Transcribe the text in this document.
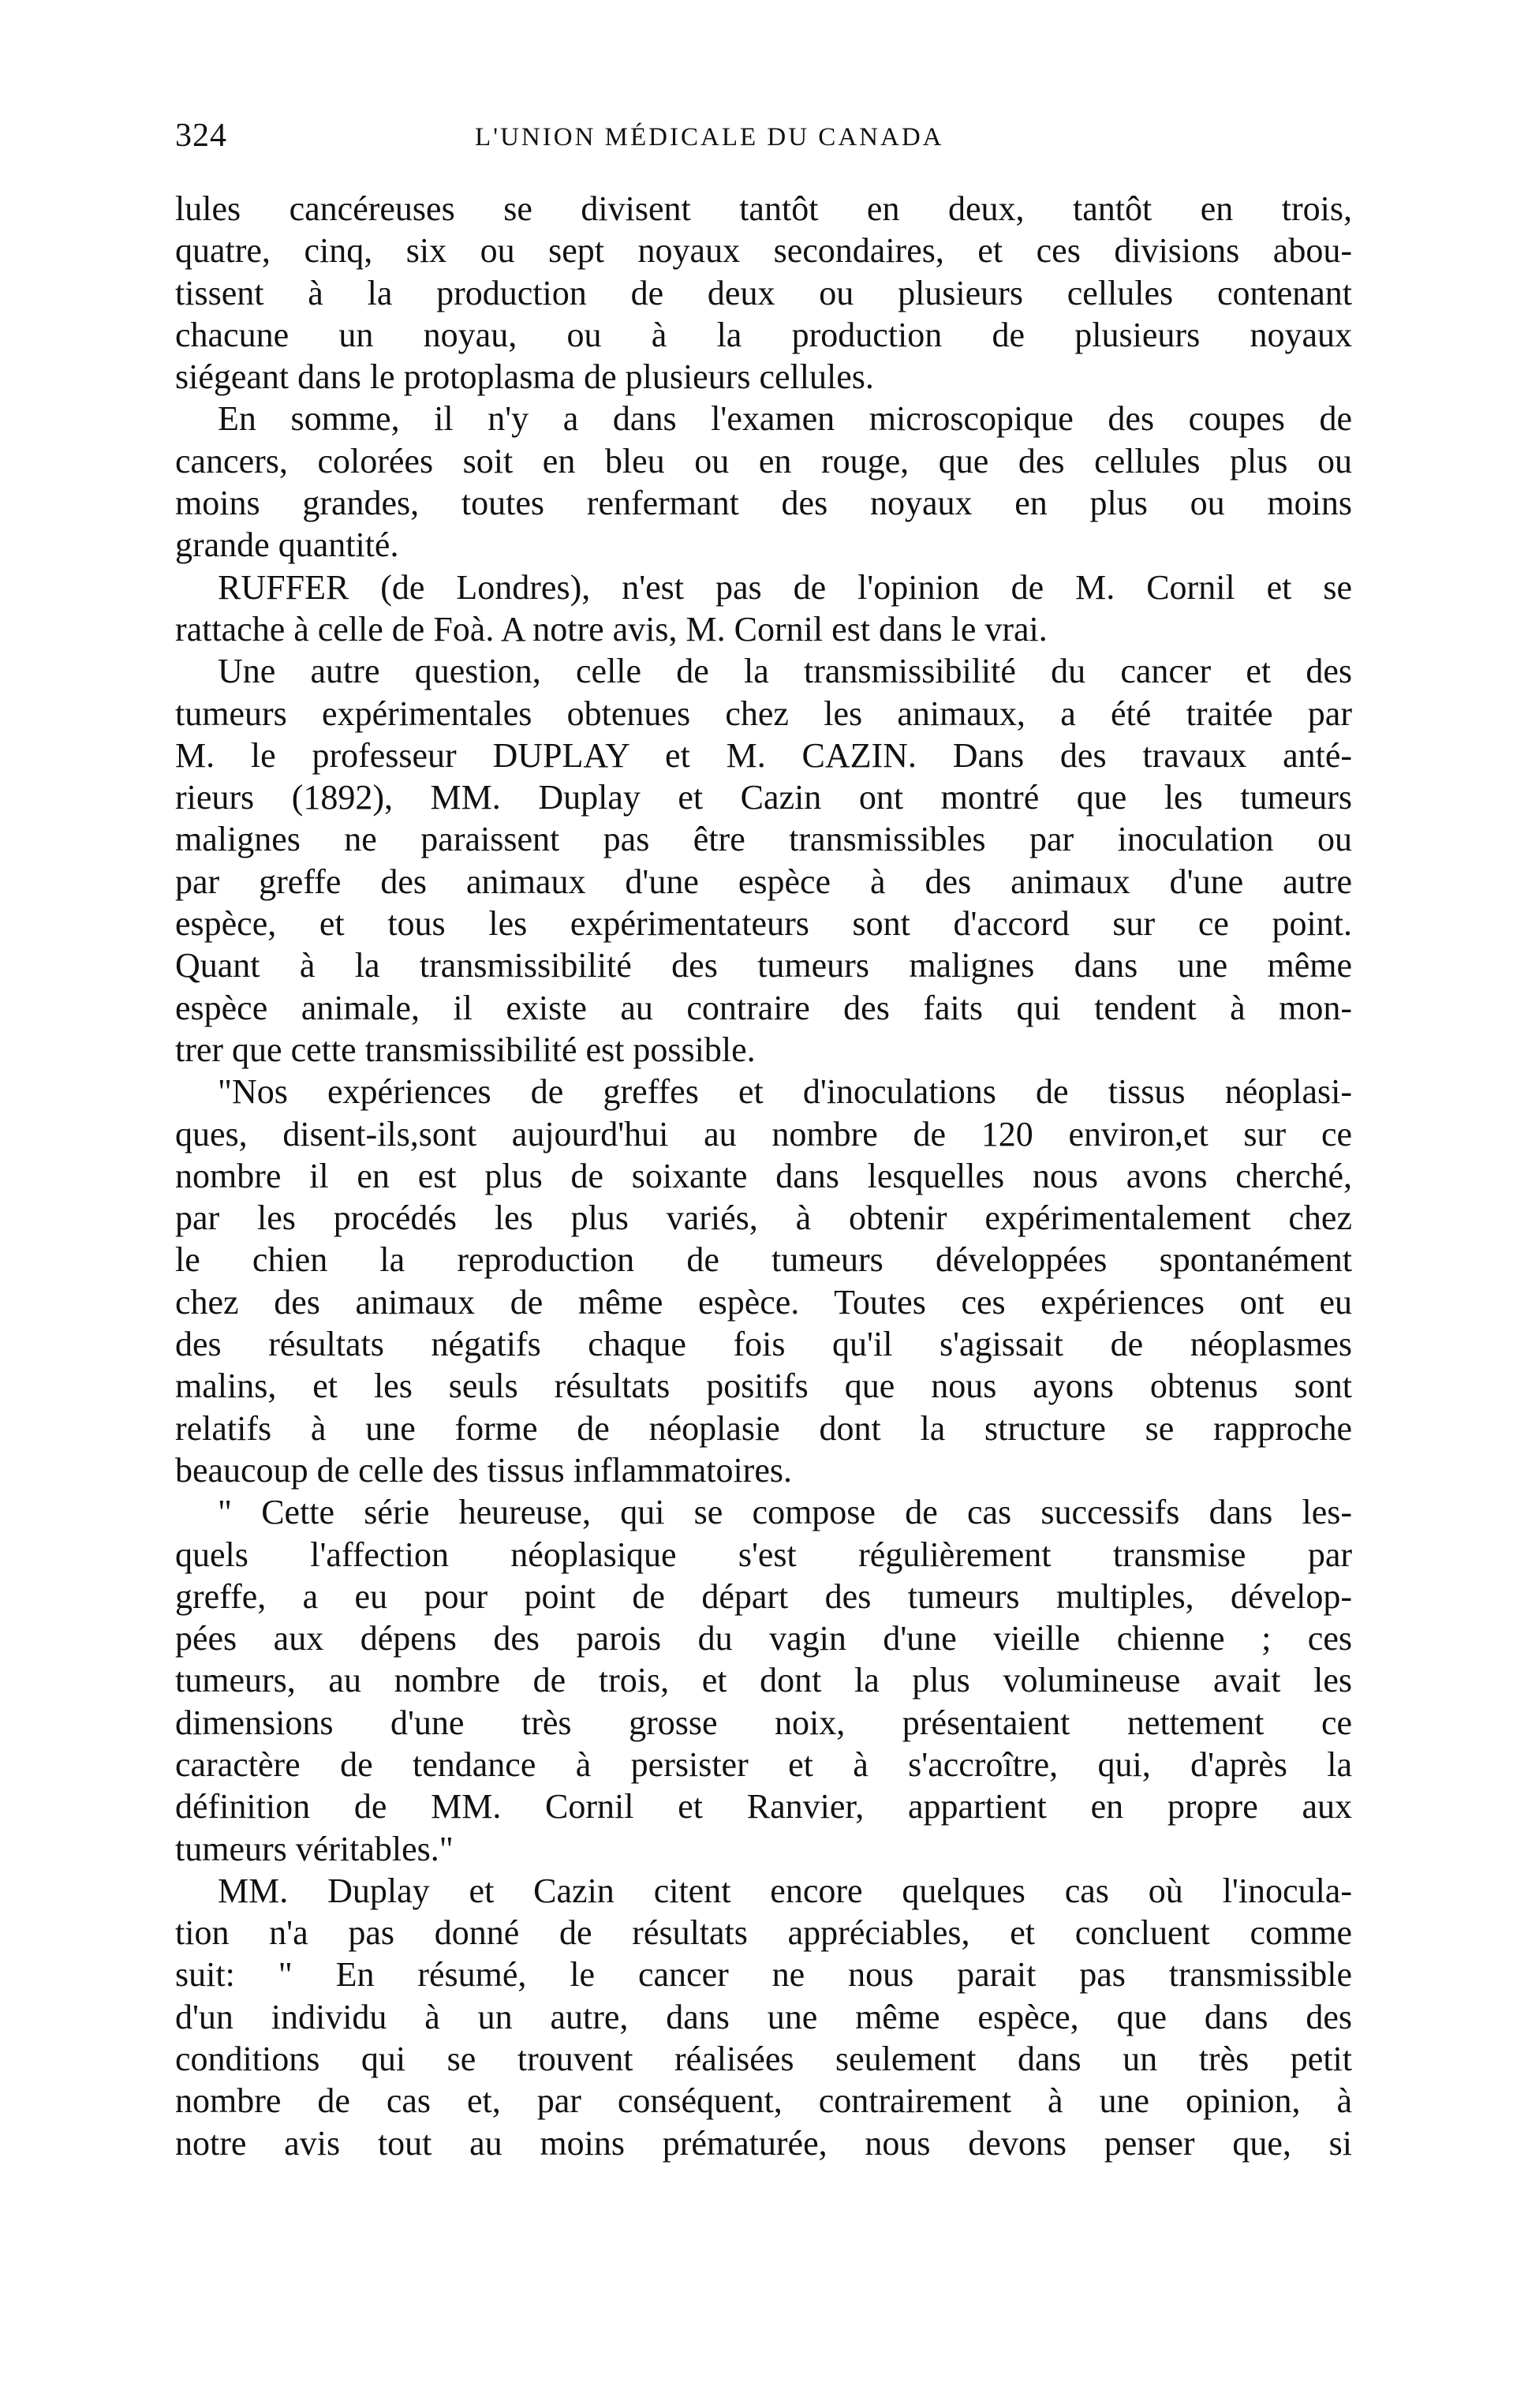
324	L'UNION MÉDICALE DU CANADA
lules cancéreuses se divisent tantôt en deux, tantôt en trois,
quatre, cinq, six ou sept noyaux secondaires, et ces divisions abou-
tissent à la production de deux ou plusieurs cellules contenant
chacune un noyau, ou à la production de plusieurs noyaux
siégeant dans le protoplasma de plusieurs cellules.
En somme, il n'y a dans l'examen microscopique des coupes de
cancers, colorées soit en bleu ou en rouge, que des cellules plus ou
moins grandes, toutes renfermant des noyaux en plus ou moins
grande quantité.
RUFFER (de Londres), n'est pas de l'opinion de M. Cornil et se
rattache à celle de Foà. A notre avis, M. Cornil est dans le vrai.
Une autre question, celle de la transmissibilité du cancer et des
tumeurs expérimentales obtenues chez les animaux, a été traitée par
M. le professeur DUPLAY et M. CAZIN. Dans des travaux anté-
rieurs (1892), MM. Duplay et Cazin ont montré que les tumeurs
malignes ne paraissent pas être transmissibles par inoculation ou
par greffe des animaux d'une espèce à des animaux d'une autre
espèce, et tous les expérimentateurs sont d'accord sur ce point.
Quant à la transmissibilité des tumeurs malignes dans une même
espèce animale, il existe au contraire des faits qui tendent à mon-
trer que cette transmissibilité est possible.
"Nos expériences de greffes et d'inoculations de tissus néoplasi-
ques, disent-ils,sont aujourd'hui au nombre de 120 environ,et sur ce
nombre il en est plus de soixante dans lesquelles nous avons cherché,
par les procédés les plus variés, à obtenir expérimentalement chez
le chien la reproduction de tumeurs développées spontanément
chez des animaux de même espèce. Toutes ces expériences ont eu
des résultats négatifs chaque fois qu'il s'agissait de néoplasmes
malins, et les seuls résultats positifs que nous ayons obtenus sont
relatifs à une forme de néoplasie dont la structure se rapproche
beaucoup de celle des tissus inflammatoires.
" Cette série heureuse, qui se compose de cas successifs dans les-
quels l'affection néoplasique s'est régulièrement transmise par
greffe, a eu pour point de départ des tumeurs multiples, dévelop-
pées aux dépens des parois du vagin d'une vieille chienne ; ces
tumeurs, au nombre de trois, et dont la plus volumineuse avait les
dimensions d'une très grosse noix, présentaient nettement ce
caractère de tendance à persister et à s'accroître, qui, d'après la
définition de MM. Cornil et Ranvier, appartient en propre aux
tumeurs véritables."
MM. Duplay et Cazin citent encore quelques cas où l'inocula-
tion n'a pas donné de résultats appréciables, et concluent comme
suit: " En résumé, le cancer ne nous parait pas transmissible
d'un individu à un autre, dans une même espèce, que dans des
conditions qui se trouvent réalisées seulement dans un très petit
nombre de cas et, par conséquent, contrairement à une opinion, à
notre avis tout au moins prématurée, nous devons penser que, si
